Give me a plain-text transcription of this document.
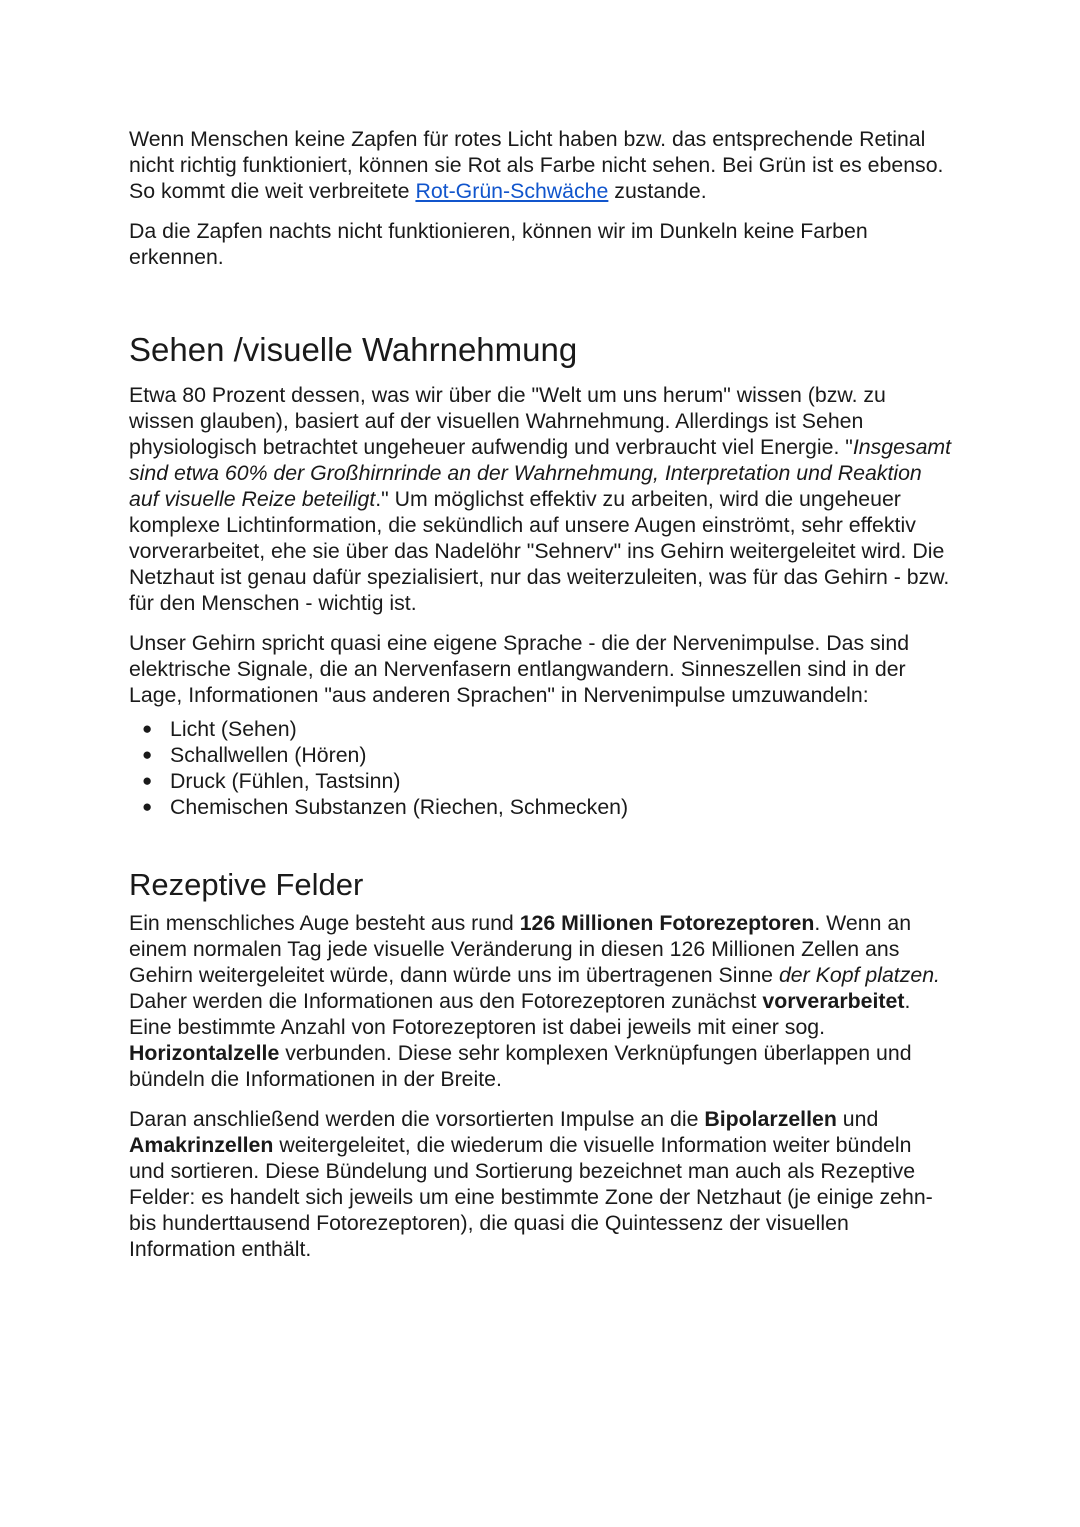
Wenn Menschen keine Zapfen für rotes Licht haben bzw. das entsprechende Retinal nicht richtig funktioniert, können sie Rot als Farbe nicht sehen. Bei Grün ist es ebenso. So kommt die weit verbreitete Rot-Grün-Schwäche zustande.

Da die Zapfen nachts nicht funktionieren, können wir im Dunkeln keine Farben erkennen.

Sehen /visuelle Wahrnehmung

Etwa 80 Prozent dessen, was wir über die "Welt um uns herum" wissen (bzw. zu wissen glauben), basiert auf der visuellen Wahrnehmung. Allerdings ist Sehen physiologisch betrachtet ungeheuer aufwendig und verbraucht viel Energie. "Insgesamt sind etwa 60% der Großhirnrinde an der Wahrnehmung, Interpretation und Reaktion auf visuelle Reize beteiligt." Um möglichst effektiv zu arbeiten, wird die ungeheuer komplexe Lichtinformation, die sekündlich auf unsere Augen einströmt, sehr effektiv vorverarbeitet, ehe sie über das Nadelöhr "Sehnerv" ins Gehirn weitergeleitet wird. Die Netzhaut ist genau dafür spezialisiert, nur das weiterzuleiten, was für das Gehirn - bzw. für den Menschen - wichtig ist.

Unser Gehirn spricht quasi eine eigene Sprache - die der Nervenimpulse. Das sind elektrische Signale, die an Nervenfasern entlangwandern. Sinneszellen sind in der Lage, Informationen "aus anderen Sprachen" in Nervenimpulse umzuwandeln:

● Licht (Sehen)
● Schallwellen (Hören)
● Druck (Fühlen, Tastsinn)
● Chemischen Substanzen (Riechen, Schmecken)
Rezeptive Felder

Ein menschliches Auge besteht aus rund 126 Millionen Fotorezeptoren. Wenn an einem normalen Tag jede visuelle Veränderung in diesen 126 Millionen Zellen ans Gehirn weitergeleitet würde, dann würde uns im übertragenen Sinne der Kopf platzen. Daher werden die Informationen aus den Fotorezeptoren zunächst vorverarbeitet. Eine bestimmte Anzahl von Fotorezeptoren ist dabei jeweils mit einer sog. Horizontalzelle verbunden. Diese sehr komplexen Verknüpfungen überlappen und bündeln die Informationen in der Breite.

Daran anschließend werden die vorsortierten Impulse an die Bipolarzellen und Amakrinzellen weitergeleitet, die wiederum die visuelle Information weiter bündeln und sortieren. Diese Bündelung und Sortierung bezeichnet man auch als Rezeptive Felder: es handelt sich jeweils um eine bestimmte Zone der Netzhaut (je einige zehn- bis hunderttausend Fotorezeptoren), die quasi die Quintessenz der visuellen Information enthält.
